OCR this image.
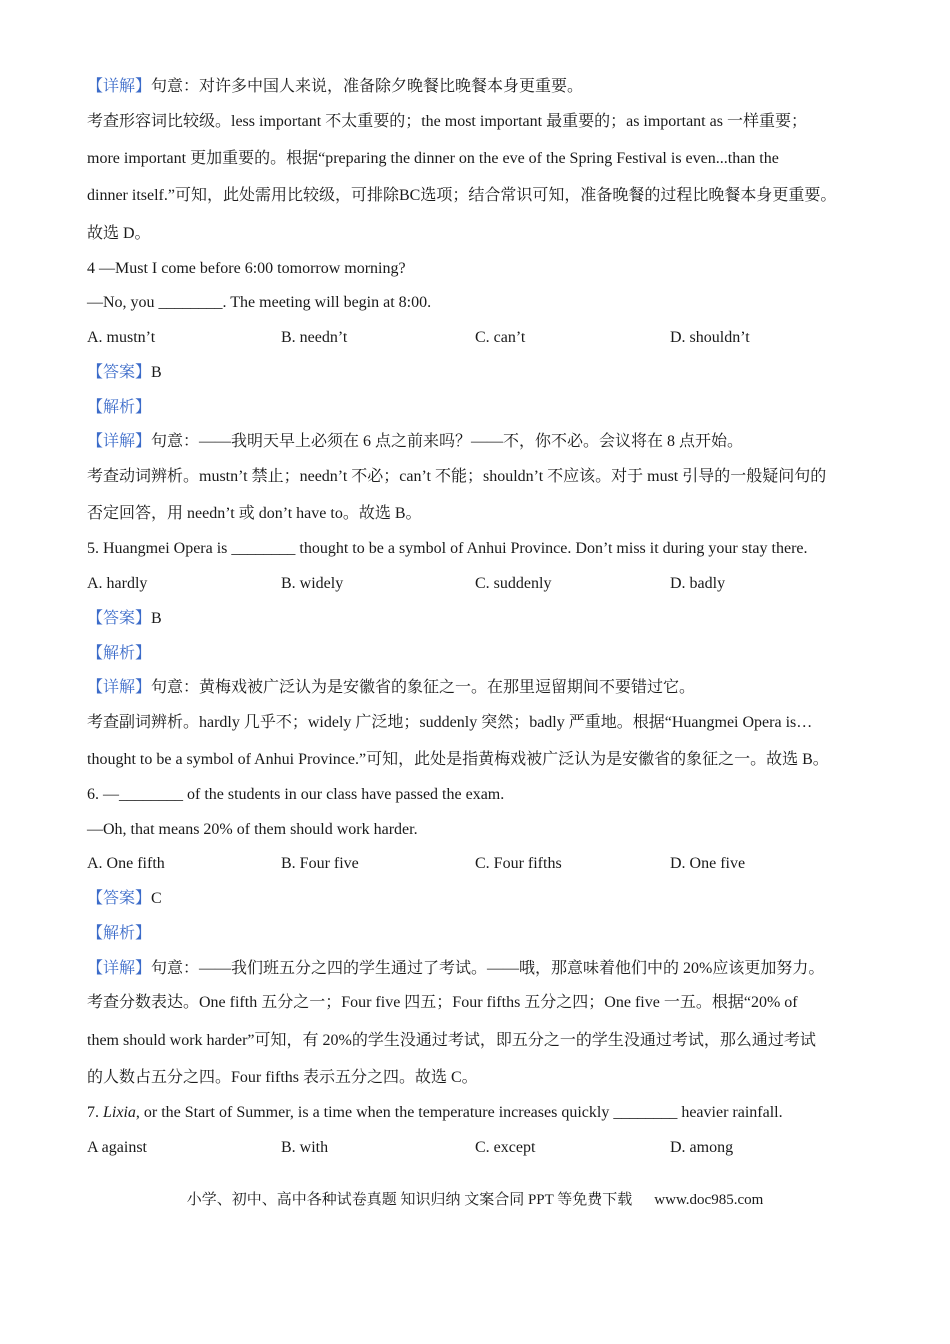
【详解】句意：对许多中国人来说，准备除夕晚餐比晚餐本身更重要。
考查形容词比较级。less important 不太重要的；the most important 最重要的；as important as 一样重要；
more important 更加重要的。根据“preparing the dinner on the eve of the Spring Festival is even...than the
dinner itself.”可知，此处需用比较级，可排除BC选项；结合常识可知，准备晚餐的过程比晚餐本身更重要。
故选 D。
4 —Must I come before 6:00 tomorrow morning?
—No, you ________. The meeting will begin at 8:00.
A. mustn’t	B. needn’t	C. can’t	D. shouldn’t
【答案】B
【解析】
【详解】句意：——我明天早上必须在 6 点之前来吗？——不，你不必。会议将在 8 点开始。
考查动词辨析。mustn’t 禁止；needn’t 不必；can’t 不能；shouldn’t 不应该。对于 must 引导的一般疑问句的
否定回答，用 needn’t 或 don’t have to。故选 B。
5. Huangmei Opera is ________ thought to be a symbol of Anhui Province. Don’t miss it during your stay there.
A. hardly	B. widely	C. suddenly	D. badly
【答案】B
【解析】
【详解】句意：黄梅戏被广泛认为是安徽省的象征之一。在那里逗留期间不要错过它。
考查副词辨析。hardly 几乎不；widely 广泛地；suddenly 突然；badly 严重地。根据“Huangmei Opera is…
thought to be a symbol of Anhui Province.”可知，此处是指黄梅戏被广泛认为是安徽省的象征之一。故选 B。
6. —________ of the students in our class have passed the exam.
—Oh, that means 20% of them should work harder.
A. One fifth	B. Four five	C. Four fifths	D. One five
【答案】C
【解析】
【详解】句意：——我们班五分之四的学生通过了考试。——哦，那意味着他们中的 20%应该更加努力。
考查分数表达。One fifth 五分之一；Four five 四五；Four fifths 五分之四；One five 一五。根据“20% of
them should work harder”可知，有 20%的学生没通过考试，即五分之一的学生没通过考试，那么通过考试
的人数占五分之四。Four fifths 表示五分之四。故选 C。
7. Lixia, or the Start of Summer, is a time when the temperature increases quickly ________ heavier rainfall.
A against	B. with	C. except	D. among
小学、初中、高中各种试卷真题 知识归纳 文案合同 PPT 等免费下载 www.doc985.com
